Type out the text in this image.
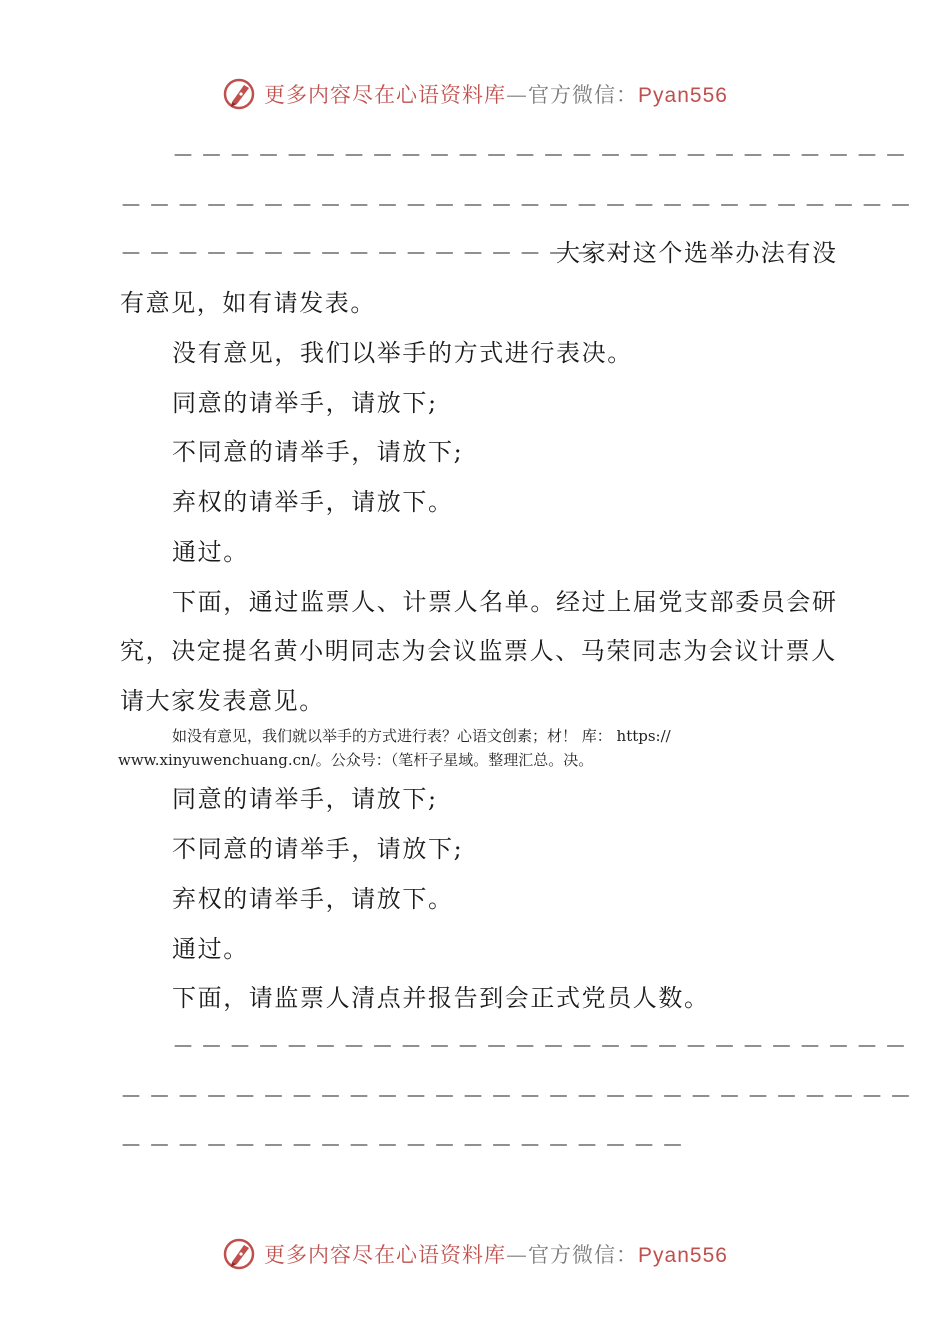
更多内容尽在心语资料库—官方微信：Pyan556
－－－－－－－－－－－－－－－－－－－－－－－－－－
－－－－－－－－－－－－－－－－－－－－－－－－－－－－
－－－－－－－－－－－－－－－－－－
大家对这个选举办法有没
有意见，如有请发表。
没有意见，我们以举手的方式进行表决。
同意的请举手，请放下;
不同意的请举手，请放下;
弃权的请举手，请放下。
通过。
下面，通过监票人、计票人名单。经过上届党支部委员会研
究，决定提名黄小明同志为会议监票人、马荣同志为会议计票人
请大家发表意见。
如没有意见，我们就以举手的方式进行表？心语文创素；材！ 库： https://
www.xinyuwenchuang.cn/。公众号：（笔杆子星域。整理汇总。决。
同意的请举手，请放下;
不同意的请举手，请放下;
弃权的请举手，请放下。
通过。
下面，请监票人清点并报告到会正式党员人数。
－－－－－－－－－－－－－－－－－－－－－－－－－－
－－－－－－－－－－－－－－－－－－－－－－－－－－－－
－－－－－－－－－－－－－－－－－－－－
更多内容尽在心语资料库—官方微信：Pyan556
